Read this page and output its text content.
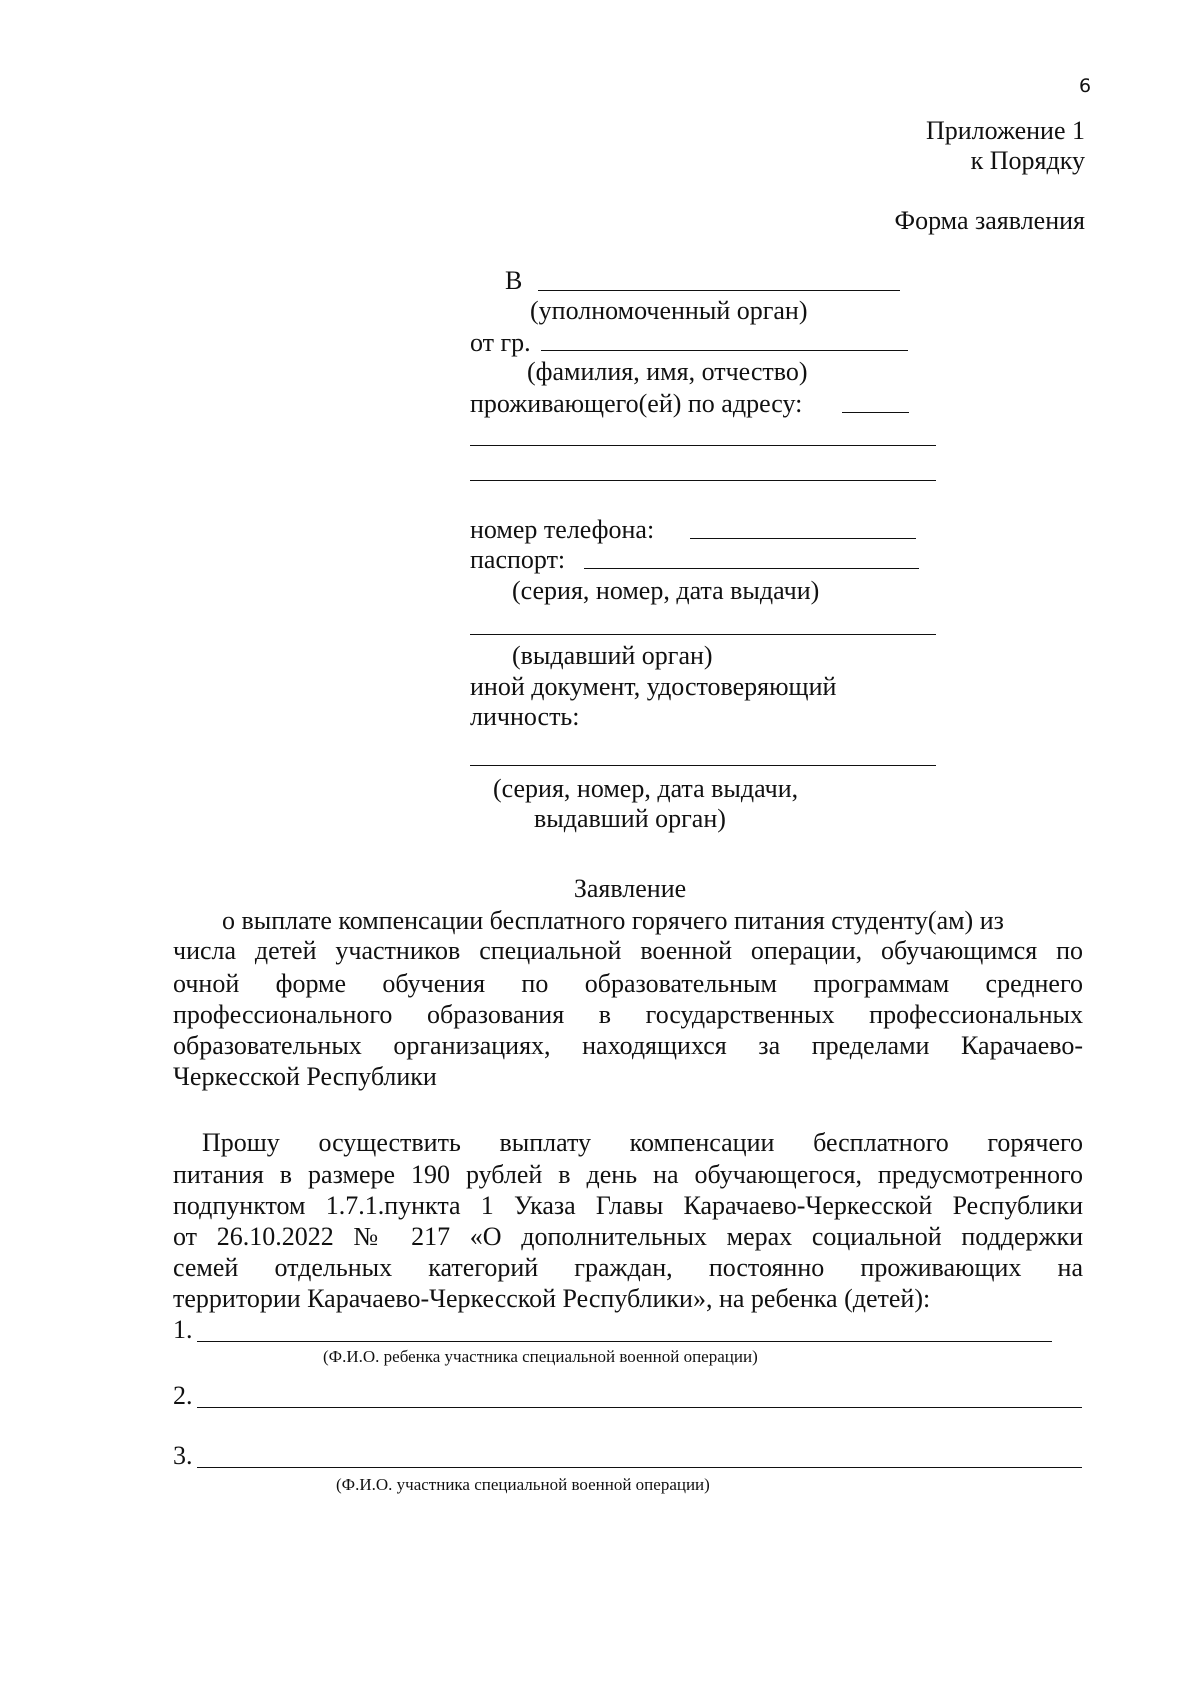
6
Приложение 1
к Порядку
Форма заявления
В
(уполномоченный орган)
от гр.
(фамилия, имя, отчество)
проживающего(ей) по адресу:
номер телефона:
паспорт:
(серия, номер, дата выдачи)
(выдавший орган)
иной документ, удостоверяющий
личность:
(серия, номер, дата выдачи,
выдавший орган)
Заявление
о выплате компенсации бесплатного горячего питания студенту(ам) из
числа детей участников специальной военной операции, обучающимся по
очной форме обучения по образовательным программам среднего
профессионального образования в государственных профессиональных
образовательных организациях, находящихся за пределами Карачаево-
Черкесской Республики
Прошу осуществить выплату компенсации бесплатного горячего
питания в размере 190 рублей в день на обучающегося, предусмотренного
подпунктом 1.7.1.пункта 1 Указа Главы Карачаево-Черкесской Республики
от 26.10.2022 № 217 «О дополнительных мерах социальной поддержки
семей отдельных категорий граждан, постоянно проживающих на
территории Карачаево-Черкесской Республики», на ребенка (детей):
1.
(Ф.И.О. ребенка участника специальной военной операции)
2.
3.
(Ф.И.О. участника специальной военной операции)
